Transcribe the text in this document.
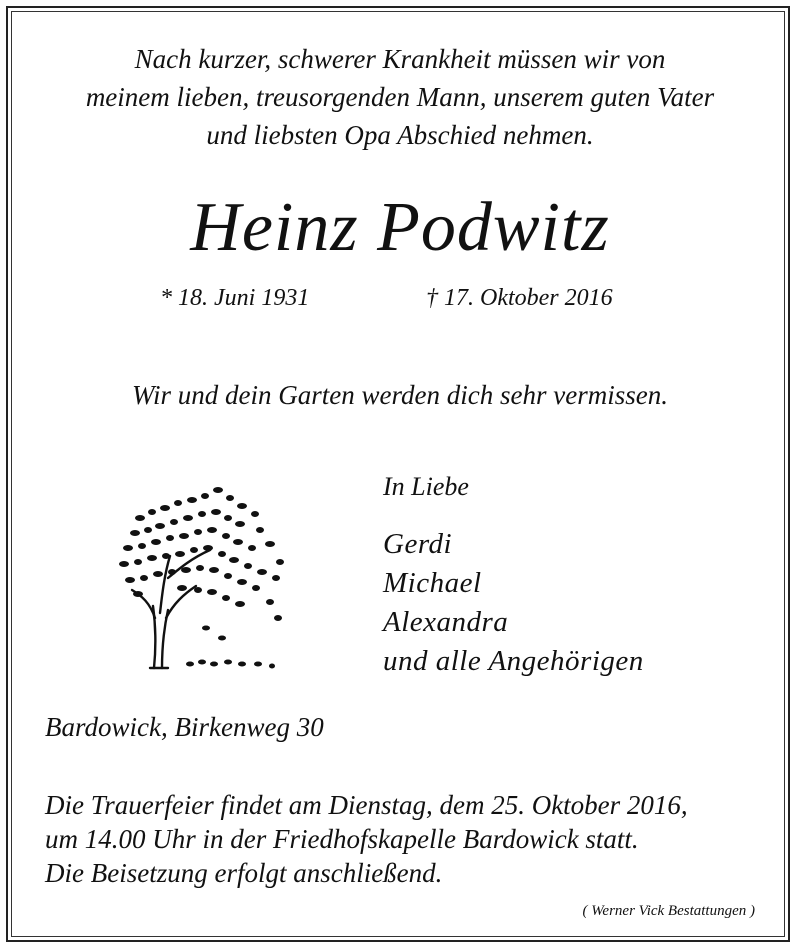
Nach kurzer, schwerer Krankheit müssen wir von
meinem lieben, treusorgenden Mann, unserem guten Vater
und liebsten Opa Abschied nehmen.
Heinz Podwitz
* 18. Juni 1931	† 17. Oktober 2016
Wir und dein Garten werden dich sehr vermissen.
In Liebe
Gerdi
Michael
Alexandra
und alle Angehörigen
Bardowick, Birkenweg 30
Die Trauerfeier findet am Dienstag, dem 25. Oktober 2016,
um 14.00 Uhr in der Friedhofskapelle Bardowick statt.
Die Beisetzung erfolgt anschließend.
( Werner Vick Bestattungen )
